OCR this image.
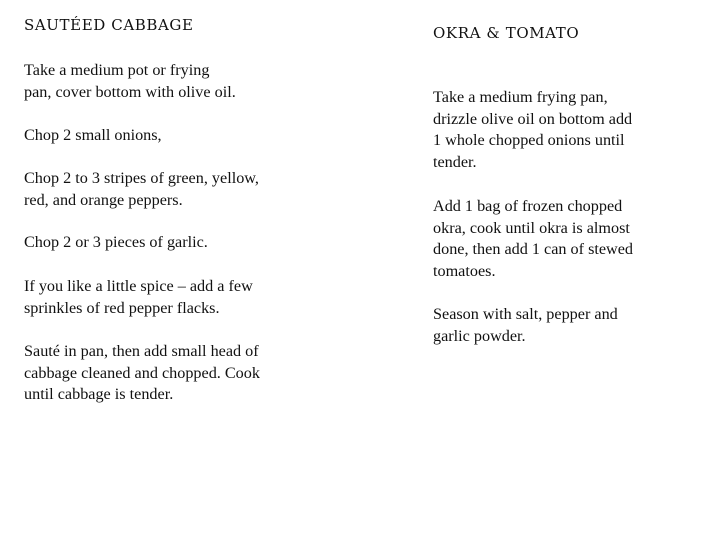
SAUTÉED CABBAGE

Take a medium pot or frying
pan, cover bottom with olive oil.

Chop 2 small onions,

Chop 2 to 3 stripes of green, yellow,
red, and orange peppers.

Chop 2 or 3 pieces of garlic.

If you like a little spice – add a few
sprinkles of red pepper flacks.

Sauté in pan, then add small head of
cabbage cleaned and chopped. Cook
until cabbage is tender.

OKRA & TOMATO

Take a medium frying pan,
drizzle olive oil on bottom add
1 whole chopped onions until
tender.

Add 1 bag of frozen chopped
okra, cook until okra is almost
done, then add 1 can of stewed
tomatoes.

Season with salt, pepper and
garlic powder.
